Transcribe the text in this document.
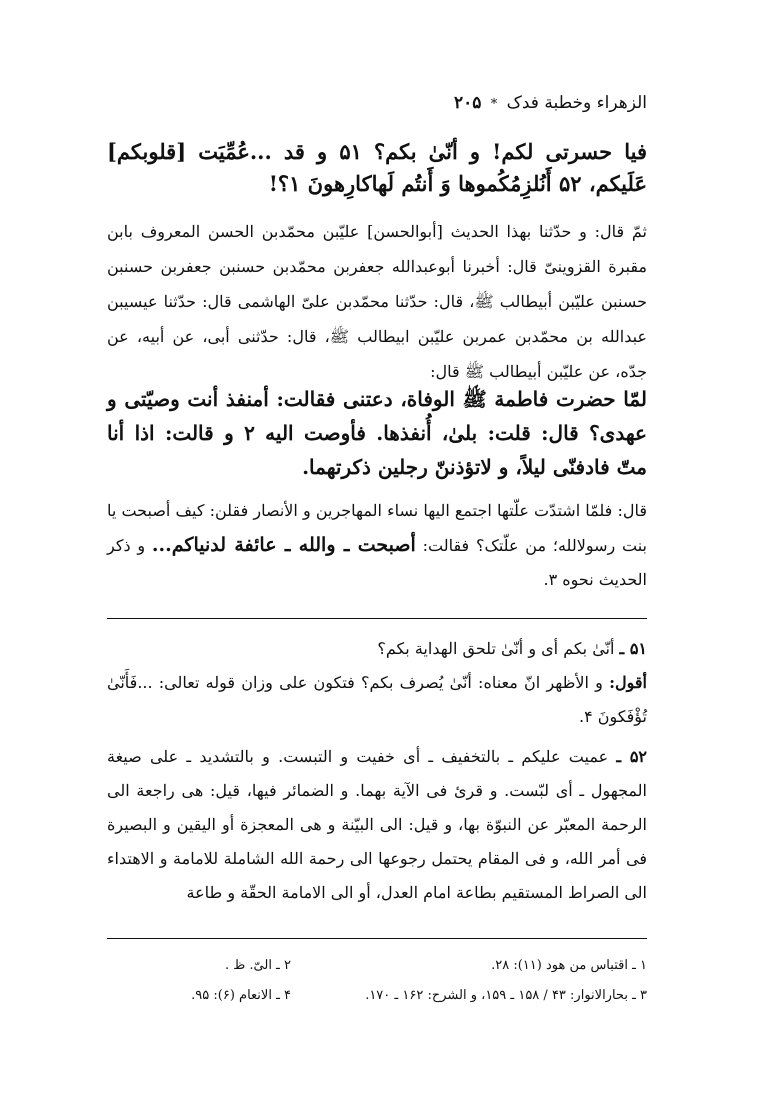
الزهراء وخطبة فدک * ۲۰۵
فيا حسرتی لكم! و أنّیٰ بكم؟ ۵۱ و قد ...عُمِّيَت [قلوبكم] عَلَيكم، ۵۲ أَنُلزِمُكُموها وَ أَنتُم لَهاكارِهونَ ۱؟!
ثمّ قال: و حدّثنا بهذا الحديث [أبوالحسن] علیّبن محمّدبن الحسن المعروف بابن مقبرة القزوينیّ قال: أخبرنا أبوعبدالله جعفربن محمّدبن حسنبن جعفربن حسنبن حسنبن علیّبن أبیطالب ﷺ، قال: حدّثنا محمّدبن علیّ الهاشمی قال: حدّثنا عيسیبن عبدالله بن محمّدبن عمربن علیّبن ابیطالب ﷺ، قال: حدّثنی أبی، عن أبيه، عن جدّه، عن علیّبن أبیطالب ﷺ قال:
لمّا حضرت فاطمة ﷺ الوفاة، دعتنی فقالت: أمنفذ أنت وصيّتی و عهدی؟ قال: قلت: بلیٰ، أُنفذها. فأوصت اليه ۲ و قالت: اذا أنا متّ فادفنّی ليلاً، و لاتؤذننّ رجلين ذكرتهما.
قال: فلمّا اشتدّت علّتها اجتمع اليها نساء المهاجرين و الأنصار فقلن: كيف أصبحت يا بنت رسولالله؛ من علّتک؟ فقالت: أصبحت ـ والله ـ عائفة لدنياكم... و ذكر الحديث نحوه ۳.
۵۱ ـ أنّیٰ بكم أی و أنّیٰ تلحق الهداية بكم؟
أقول: و الأظهر انّ معناه: أنّیٰ يُصرف بكم؟ فتكون علی وزان قوله تعالی: ...فَأَنّیٰ تُؤْفَكونَ ۴.
۵۲ ـ عميت عليكم ـ بالتخفيف ـ أی خفيت و التبست. و بالتشديد ـ علی صيغة المجهول ـ أی لبّست. و قرئ فی الآية بهما. و الضمائر فيها، قيل: هی راجعة الی الرحمة المعبّر عن النبوّة بها، و قيل: الی البيّنة و هی المعجزة أو اليقين و البصيرة فی أمر الله، و فی المقام يحتمل رجوعها الی رحمة الله الشاملة للامامة و الاهتداء الی الصراط المستقيم بطاعة امام العدل، أو الی الامامة الحقّة و طاعة
۱ ـ اقتباس من هود (۱۱): ۲۸.
۲ ـ الیّ. ظ .
۳ ـ بحارالانوار: ۴۳ / ۱۵۸ ـ ۱۵۹، و الشرح: ۱۶۲ ـ ۱۷۰.
۴ ـ الانعام (۶): ۹۵.
